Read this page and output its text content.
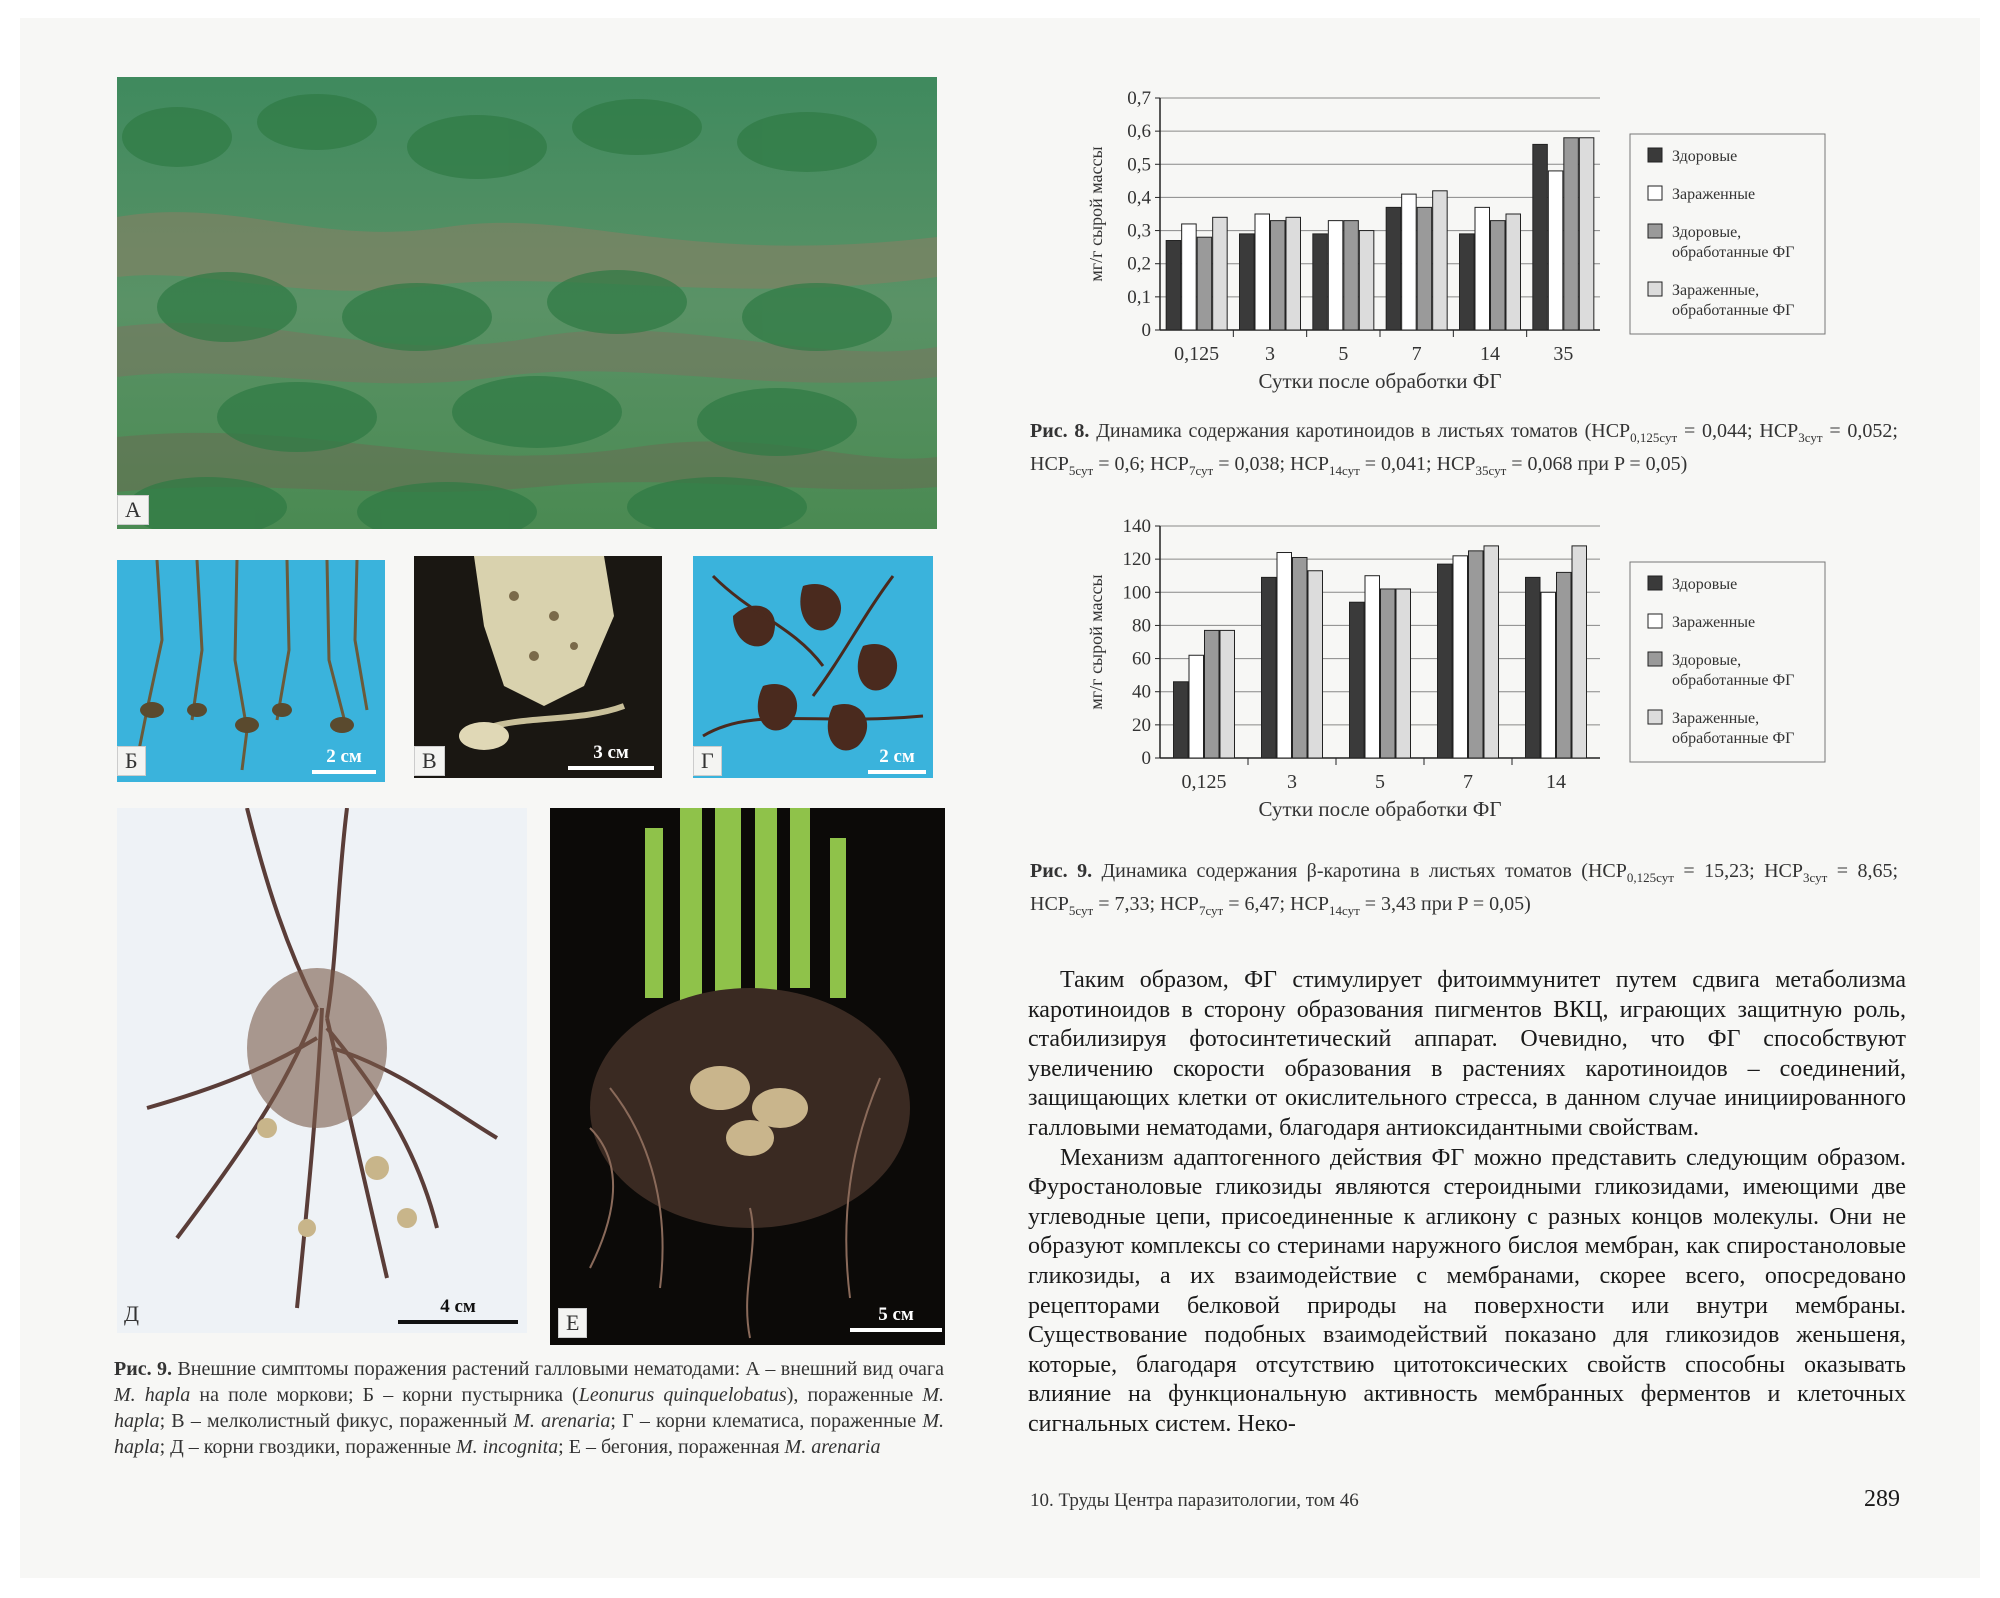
А
Б	2 см	В	3 см	Г	2 см
Д	4 см
Е	5 см
Рис. 9. Внешние симптомы поражения растений галловыми нематодами: А – внешний вид очага M. hapla на поле моркови; Б – корни пустырника (Leonurus quinquelobatus), пораженные M. hapla; В – мелколистный фикус, пораженный M. arenaria; Г – корни клематиса, пораженные M. hapla; Д – корни гвоздики, пораженные M. incognita; Е – бегония, пораженная M. arenaria
0
0,1
0,2
0,3
0,4
0,5
0,6
0,7
0,125 3	5	7	14	35
Сутки после обработки ФГ
мг/г сырой массы	Здоровые
Зараженные
Здоровые,
обработанные ФГ
Зараженные,
обработанные ФГ
Рис. 8. Динамика содержания каротиноидов в листьях томатов ($НСР_{0,125сут} = 0,044$; $НСР_{3сут} = 0,052$; $НСР_{5сут} = 0,6$; $НСР_{7сут} = 0,038$; $НСР_{14сут} = 0,041$; $НСР_{35сут} = 0,068$ при P = 0,05)
0
20
40
60
80
100
120
140
0,125	3	5	7	14
Сутки после обработки ФГ
мг/г сырой массы	Здоровые
Зараженные
Здоровые,
обработанные ФГ
Зараженные,
обработанные ФГ
Рис. 9. Динамика содержания β-каротина в листьях томатов ($НСР_{0,125сут} = 15,23$; $НСР_{3сут} = 8,65$; $НСР_{5сут} = 7,33$; $НСР_{7сут} = 6,47$; $НСР_{14сут} = 3,43$ при P = 0,05)

Таким образом, ФГ стимулирует фитоиммунитет путем сдвига метаболизма каротиноидов в сторону образования пигментов ВКЦ, играющих защитную роль, стабилизируя фотосинтетический аппарат. Очевидно, что ФГ способствуют увеличению скорости образования в растениях каротиноидов – соединений, защищающих клетки от окислительного стресса, в данном случае инициированного галловыми нематодами, благодаря антиоксидантными свойствам.

Механизм адаптогенного действия ФГ можно представить следующим образом. Фуростаноловые гликозиды являются стероидными гликозидами, имеющими две углеводные цепи, присоединенные к агликону с разных концов молекулы. Они не образуют комплексы со стеринами наружного бислоя мембран, как спиростаноловые гликозиды, а их взаимодействие с мембранами, скорее всего, опосредовано рецепторами белковой природы на поверхности или внутри мембраны. Существование подобных взаимодействий показано для гликозидов женьшеня, которые, благодаря отсутствию цитотоксических свойств способны оказывать влияние на функциональную активность мембранных ферментов и клеточных сигнальных систем. Неко-

10. Труды Центра паразитологии, том 46	289
